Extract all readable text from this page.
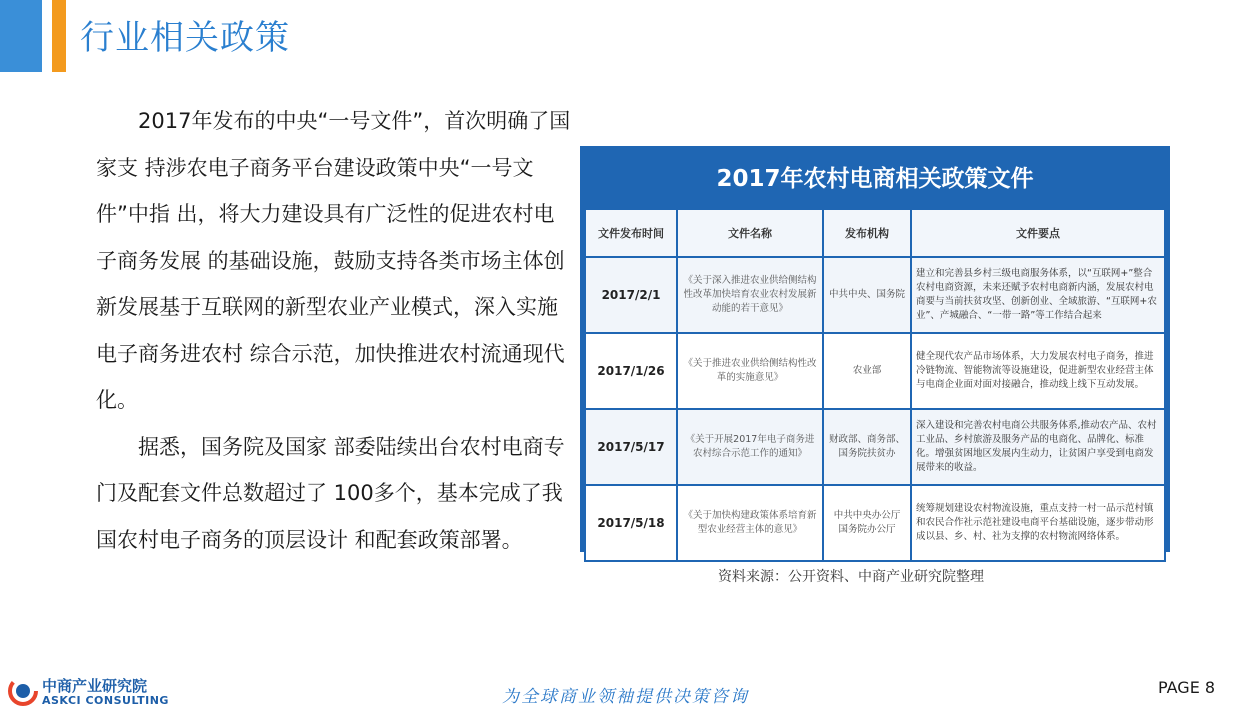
行业相关政策

2017年发布的中央“一号文件”，首次明确了国家支 持涉农电子商务平台建设政策中央“一号文件”中指 出，将大力建设具有广泛性的促进农村电子商务发展 的基础设施，鼓励支持各类市场主体创新发展基于互联网的新型农业产业模式，深入实施电子商务进农村 综合示范，加快推进农村流通现代化。

据悉，国务院及国家 部委陆续出台农村电商专门及配套文件总数超过了 100多个，基本完成了我国农村电子商务的顶层设计 和配套政策部署。

2017年农村电商相关政策文件
文件发布时间	文件名称	发布机构	文件要点
2017/2/1	《关于深入推进农业供给侧结构性改革加快培育农业农村发展新动能的若干意见》	中共中央、国务院	建立和完善县乡村三级电商服务体系，以“互联网+”整合农村电商资源，未来还赋予农村电商新内涵，发展农村电商要与当前扶贫攻坚、创新创业、全域旅游、“互联网+农业”、产城融合、“一带一路”等工作结合起来
2017/1/26	《关于推进农业供给侧结构性改革的实施意见》	农业部	健全现代农产品市场体系，大力发展农村电子商务，推进冷链物流、智能物流等设施建设，促进新型农业经营主体与电商企业面对面对接融合，推动线上线下互动发展。
2017/5/17	《关于开展2017年电子商务进农村综合示范工作的通知》	财政部、商务部、国务院扶贫办	深入建设和完善农村电商公共服务体系,推动农产品、农村工业品、乡村旅游及服务产品的电商化、品牌化、标准化。增强贫困地区发展内生动力，让贫困户享受到电商发展带来的收益。
2017/5/18	《关于加快构建政策体系培育新型农业经营主体的意见》	中共中央办公厅 国务院办公厅	统筹规划建设农村物流设施，重点支持一村一品示范村镇和农民合作社示范社建设电商平台基础设施，逐步带动形成以县、乡、村、社为支撑的农村物流网络体系。
资料来源：公开资料、中商产业研究院整理
中商产业研究院
ASKCI CONSULTING	为全球商业领袖提供决策咨询	PAGE 8
